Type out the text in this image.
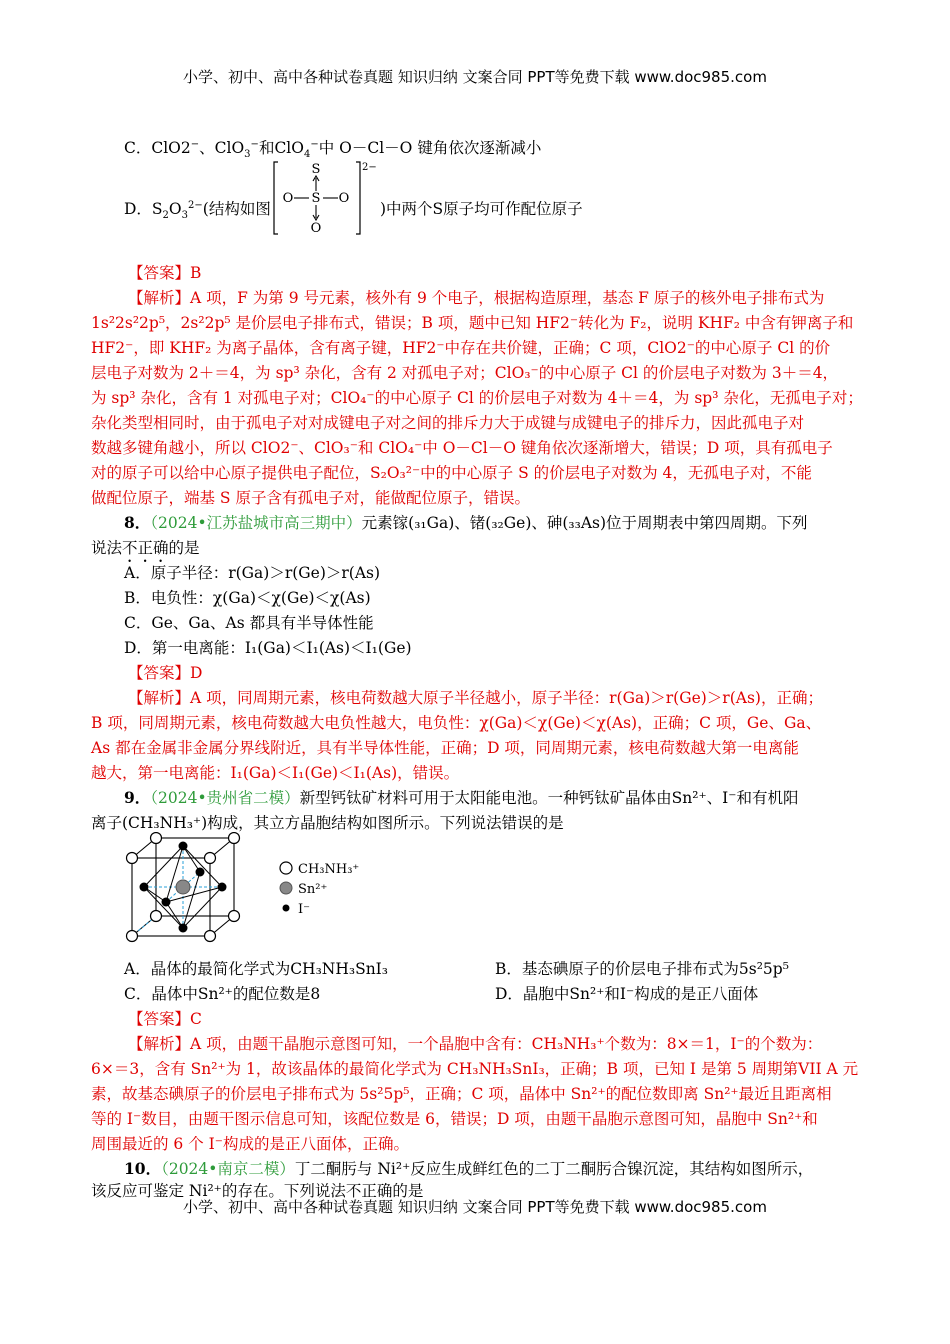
小学、初中、高中各种试卷真题 知识归纳 文案合同 PPT等免费下载 www.doc985.com
C．ClO2−、ClO$_3$−和ClO$_4$−中 O－Cl－O 键角依次逐渐减小
D．$S_2O_3^{2-}$(结构如图
S
O S O
O
2−
)中两个S原子均可作配位原子
【答案】B
【解析】A 项，F 为第 9 号元素，核外有 9 个电子，根据构造原理，基态 F 原子的核外电子排布式为
1s²2s²2p⁵，2s²2p⁵ 是价层电子排布式，错误；B 项，题中已知 HF2⁻转化为 F₂，说明 KHF₂ 中含有钾离子和
HF2⁻，即 KHF₂ 为离子晶体，含有离子键，HF2⁻中存在共价键，正确；C 项，ClO2⁻的中心原子 Cl 的价
层电子对数为 2＋＝4，为 sp³ 杂化，含有 2 对孤电子对；ClO₃⁻的中心原子 Cl 的价层电子对数为 3＋＝4，
为 sp³ 杂化，含有 1 对孤电子对；ClO₄⁻的中心原子 Cl 的价层电子对数为 4＋＝4，为 sp³ 杂化，无孤电子对；
杂化类型相同时，由于孤电子对对成键电子对之间的排斥力大于成键与成键电子的排斥力，因此孤电子对
数越多键角越小，所以 ClO2⁻、ClO₃⁻和 ClO₄⁻中 O－Cl－O 键角依次逐渐增大，错误；D 项，具有孤电子
对的原子可以给中心原子提供电子配位，S₂O₃²⁻中的中心原子 S 的价层电子对数为 4，无孤电子对，不能
做配位原子，端基 S 原子含有孤电子对，能做配位原子，错误。
8．（2024•江苏盐城市高三期中）元素镓(₃₁Ga)、锗(₃₂Ge)、砷(₃₃As)位于周期表中第四周期。下列
说法不正确的是
A．原子半径：r(Ga)＞r(Ge)＞r(As)
B．电负性：χ(Ga)＜χ(Ge)＜χ(As)
C．Ge、Ga、As 都具有半导体性能
D．第一电离能：I₁(Ga)＜I₁(As)＜I₁(Ge)
【答案】D
【解析】A 项，同周期元素，核电荷数越大原子半径越小，原子半径：r(Ga)＞r(Ge)＞r(As)，正确；
B 项，同周期元素，核电荷数越大电负性越大，电负性：χ(Ga)＜χ(Ge)＜χ(As)，正确；C 项，Ge、Ga、
As 都在金属非金属分界线附近，具有半导体性能，正确；D 项，同周期元素，核电荷数越大第一电离能
越大，第一电离能：I₁(Ga)＜I₁(Ge)＜I₁(As)，错误。
9．（2024•贵州省二模）新型钙钛矿材料可用于太阳能电池。一种钙钛矿晶体由Sn²⁺、I⁻和有机阳
离子(CH₃NH₃⁺)构成，其立方晶胞结构如图所示。下列说法错误的是
CH₃NH₃⁺
Sn²⁺
I⁻
A．晶体的最简化学式为CH₃NH₃SnI₃	B．基态碘原子的价层电子排布式为5s²5p⁵
C．晶体中Sn²⁺的配位数是8	D．晶胞中Sn²⁺和I⁻构成的是正八面体
【答案】C
【解析】A 项，由题干晶胞示意图可知，一个晶胞中含有：CH₃NH₃⁺个数为：8×＝1，I⁻的个数为：
6×＝3，含有 Sn²⁺为 1，故该晶体的最简化学式为 CH₃NH₃SnI₃，正确；B 项，已知 I 是第 5 周期第VII A 元
素，故基态碘原子的价层电子排布式为 5s²5p⁵，正确；C 项，晶体中 Sn²⁺的配位数即离 Sn²⁺最近且距离相
等的 I⁻数目，由题干图示信息可知，该配位数是 6，错误；D 项，由题干晶胞示意图可知，晶胞中 Sn²⁺和
周围最近的 6 个 I⁻构成的是正八面体，正确。
10．（2024•南京二模）丁二酮肟与 Ni²⁺反应生成鲜红色的二丁二酮肟合镍沉淀，其结构如图所示，
该反应可鉴定 Ni²⁺的存在。下列说法不正确的是
小学、初中、高中各种试卷真题 知识归纳 文案合同 PPT等免费下载 www.doc985.com
